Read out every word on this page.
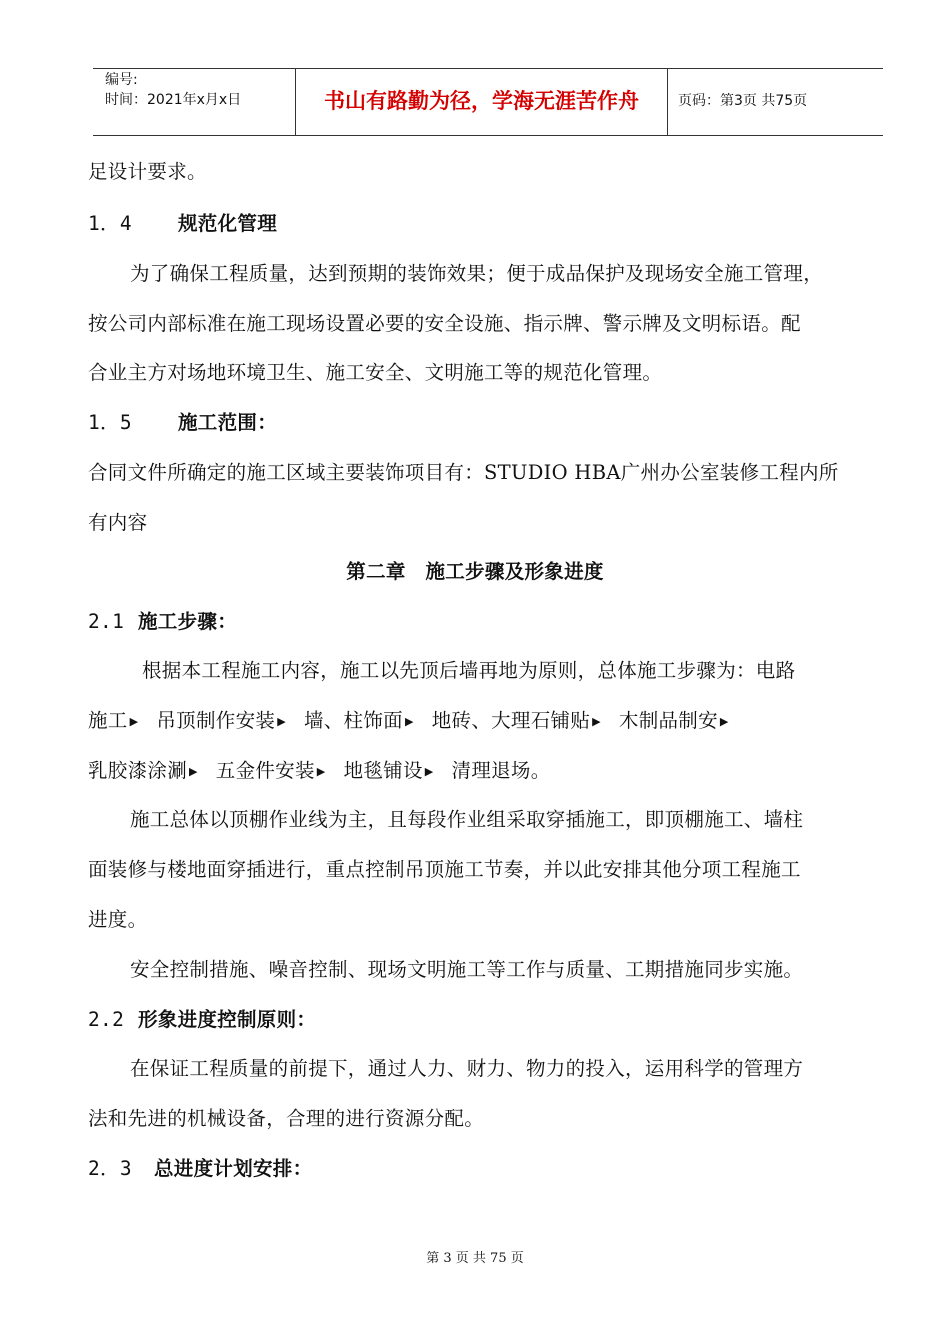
编号:
时间：2021年x月x日	书山有路勤为径，学海无涯苦作舟	页码：第3页 共75页
足设计要求。
1．4 规范化管理
为了确保工程质量，达到预期的装饰效果；便于成品保护及现场安全施工管理，
按公司内部标准在施工现场设置必要的安全设施、指示牌、警示牌及文明标语。配
合业主方对场地环境卫生、施工安全、文明施工等的规范化管理。
1．5 施工范围：
合同文件所确定的施工区域主要装饰项目有：STUDIO HBA广州办公室装修工程内所
有内容
第二章　施工步骤及形象进度
2.1 施工步骤：
根据本工程施工内容，施工以先顶后墙再地为原则，总体施工步骤为：电路
施工 ▶ 吊顶制作安装 ▶ 墙、柱饰面 ▶ 地砖、大理石铺贴 ▶ 木制品制安 ▶
乳胶漆涂涮 ▶ 五金件安装 ▶ 地毯铺设 ▶ 清理退场。
施工总体以顶棚作业线为主，且每段作业组采取穿插施工，即顶棚施工、墙柱
面装修与楼地面穿插进行，重点控制吊顶施工节奏，并以此安排其他分项工程施工
进度。
安全控制措施、噪音控制、现场文明施工等工作与质量、工期措施同步实施。
2.2 形象进度控制原则：
在保证工程质量的前提下，通过人力、财力、物力的投入，运用科学的管理方
法和先进的机械设备，合理的进行资源分配。
2．3 总进度计划安排：
第 3 页 共 75 页
